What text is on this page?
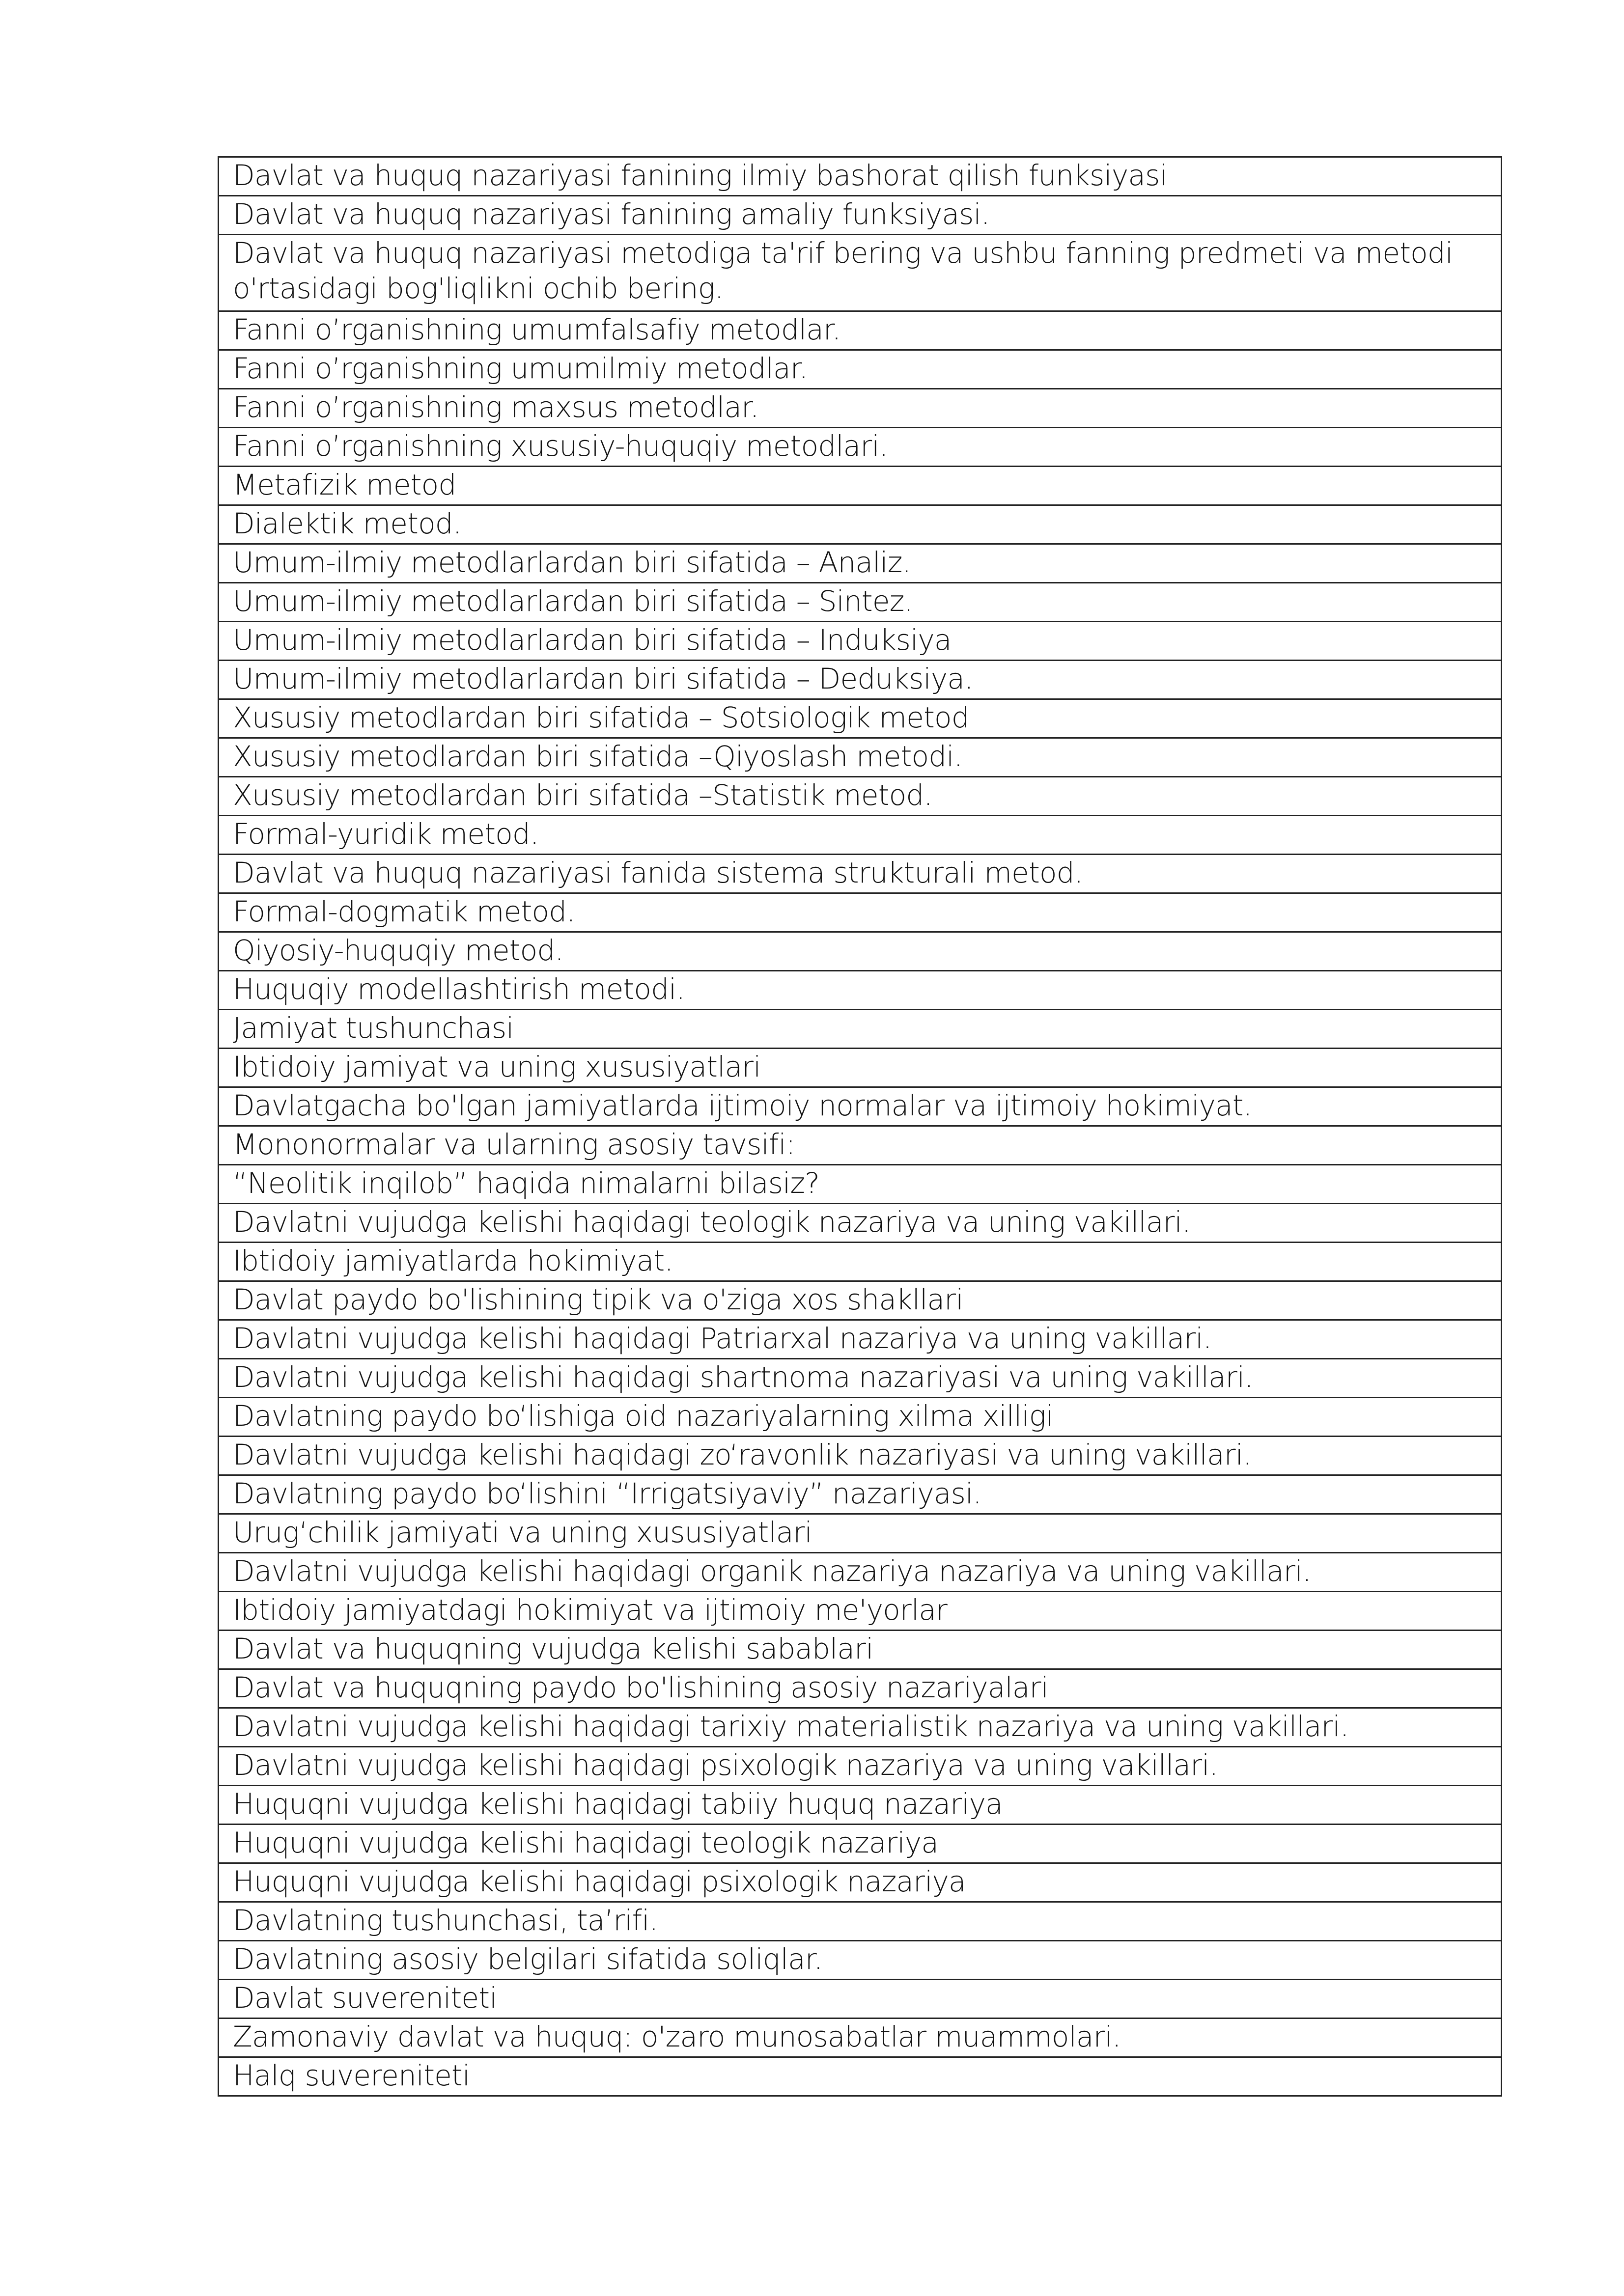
Davlat va huquq nazariyasi fanining ilmiy bashorat qilish funksiyasi
Davlat va huquq nazariyasi fanining amaliy funksiyasi.
Davlat va huquq nazariyasi metodiga ta'rif bering va ushbu fanning predmeti va metodi o'rtasidagi bog'liqlikni ochib bering.
Fanni o’rganishning umumfalsafiy metodlar.
Fanni o’rganishning umumilmiy metodlar.
Fanni o’rganishning maxsus metodlar.
Fanni o’rganishning xususiy-huquqiy metodlari.
Metafizik metod
Dialektik metod.
Umum-ilmiy metodlarlardan biri sifatida – Analiz.
Umum-ilmiy metodlarlardan biri sifatida – Sintez.
Umum-ilmiy metodlarlardan biri sifatida – Induksiya
Umum-ilmiy metodlarlardan biri sifatida – Deduksiya.
Xususiy metodlardan biri sifatida – Sotsiologik metod
Xususiy metodlardan biri sifatida –Qiyoslash metodi.
Xususiy metodlardan biri sifatida –Statistik metod.
Formal-yuridik metod.
Davlat va huquq nazariyasi fanida sistema strukturali metod.
Formal-dogmatik metod.
Qiyosiy-huquqiy metod.
Huquqiy modellashtirish metodi.
Jamiyat tushunchasi
Ibtidoiy jamiyat va uning xususiyatlari
Davlatgacha bo'lgan jamiyatlarda ijtimoiy normalar va ijtimoiy hokimiyat.
Mononormalar va ularning asosiy tavsifi:
“Neolitik inqilob” haqida nimalarni bilasiz?
Davlatni vujudga kelishi haqidagi teologik nazariya va uning vakillari.
Ibtidoiy jamiyatlarda hokimiyat.
Davlat paydo bo'lishining tipik va o'ziga xos shakllari
Davlatni vujudga kelishi haqidagi Patriarxal nazariya va uning vakillari.
Davlatni vujudga kelishi haqidagi shartnoma nazariyasi va uning vakillari.
Davlatning paydo bo‘lishiga oid nazariyalarning xilma xilligi
Davlatni vujudga kelishi haqidagi zo‘ravonlik nazariyasi va uning vakillari.
Davlatning paydo bo‘lishini “Irrigatsiyaviy” nazariyasi.
Urug‘chilik jamiyati va uning xususiyatlari
Davlatni vujudga kelishi haqidagi organik nazariya nazariya va uning vakillari.
Ibtidoiy jamiyatdagi hokimiyat va ijtimoiy me'yorlar
Davlat va huquqning vujudga kelishi sabablari
Davlat va huquqning paydo bo'lishining asosiy nazariyalari
Davlatni vujudga kelishi haqidagi tarixiy materialistik nazariya va uning vakillari.
Davlatni vujudga kelishi haqidagi psixologik nazariya va uning vakillari.
Huquqni vujudga kelishi haqidagi tabiiy huquq nazariya
Huquqni vujudga kelishi haqidagi teologik nazariya
Huquqni vujudga kelishi haqidagi psixologik nazariya
Davlatning tushunchasi, ta’rifi.
Davlatning asosiy belgilari sifatida soliqlar.
Davlat suvereniteti
Zamonaviy davlat va huquq: o'zaro munosabatlar muammolari.
Halq suvereniteti
